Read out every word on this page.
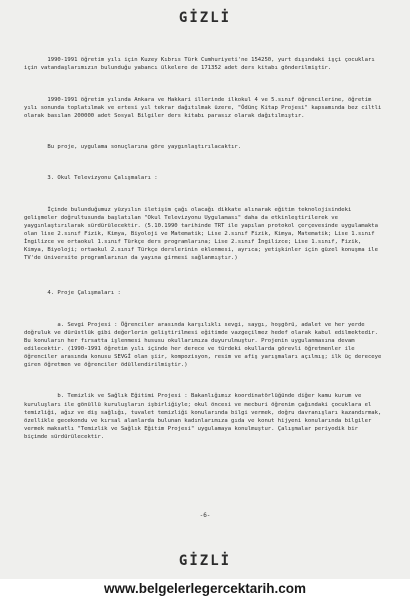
GİZLİ

1990-1991 öğretim yılı için Kuzey Kıbrıs Türk Cumhuriyeti'ne 154250, yurt dışındaki işçi çocukları için vatandaşlarımızın bulunduğu yabancı ülkelere de 171352 adet ders kitabı gönderilmiştir.

1990-1991 öğretim yılında Ankara ve Hakkari illerinde ilkokul 4 ve 5.sınıf öğrencilerine, öğretim yılı sonunda toplatılmak ve ertesi yıl tekrar dağıtılmak üzere, "Ödünç Kitap Projesi" kapsamında bez ciltli olarak basılan 200000 adet Sosyal Bilgiler ders kitabı parasız olarak dağıtılmıştır.

Bu proje, uygulama sonuçlarına göre yaygınlaştırılacaktır.

3. Okul Televizyonu Çalışmaları :

İçinde bulunduğumuz yüzyılın iletişim çağı olacağı dikkate alınarak eğitim teknolojisindeki gelişmeler doğrultusunda başlatılan "Okul Televizyonu Uygulaması" daha da etkinleştirilerek ve yaygınlaştırılarak sürdürülecektir. (5.10.1990 tarihinde TRT ile yapılan protokol çerçevesinde uygulamakta olan lise 2.sınıf Fizik, Kimya, Biyoloji ve Matematik; Lise 2.sınıf Fizik, Kimya, Matematik; Lise 1.sınıf İngilizce ve ortaokul 1.sınıf Türkçe ders programlarına; Lise 2.sınıf İngilizce; Lise 1.sınıf, Fizik, Kimya, Biyoloji; ortaokul 2.sınıf Türkçe derslerinin eklenmesi, ayrıca; yetişkinler için güzel konuşma ile TV'de üniversite programlarının da yayına girmesi sağlanmıştır.)

4. Proje Çalışmaları :

a. Sevgi Projesi : Öğrenciler arasında karşılıklı sevgi, saygı, hoşgörü, adalet ve her yerde doğruluk ve dürüstlük gibi değerlerin geliştirilmesi eğitimde vazgeçilmez hedef olarak kabul edilmektedir. Bu konuların her fırsatta işlenmesi hususu okullarımıza duyurulmuştur. Projenin uygulanmasına devam edilecektir. (1990-1991 öğretim yılı içinde her derece ve türdeki okullarda görevli öğretmenler ile öğrenciler arasında konusu SEVGİ olan şiir, kompozisyon, resim ve afiş yarışmaları açılmış; ilk üç dereceye giren öğretmen ve öğrenciler ödüllendirilmiştir.)

b. Temizlik ve Sağlık Eğitimi Projesi : Bakanlığımız koordinatörlüğünde diğer kamu kurum ve kuruluşları ile gönüllü kuruluşların işbirliğiyle; okul öncesi ve mecburi öğrenim çağındaki çocuklara el temizliği, ağız ve diş sağlığı, tuvalet temizliği konularında bilgi vermek, doğru davranışları kazandırmak, özellikle gecekondu ve kırsal alanlarda bulunan kadınlarımıza gıda ve konut hijyeni konularında bilgiler vermek maksatlı "Temizlik ve Sağlık Eğitim Projesi" uygulamaya konulmuştur. Çalışmalar periyodik bir biçimde sürdürülecektir.

-6-
GİZLİ
www.belgelerlegercektarih.com
